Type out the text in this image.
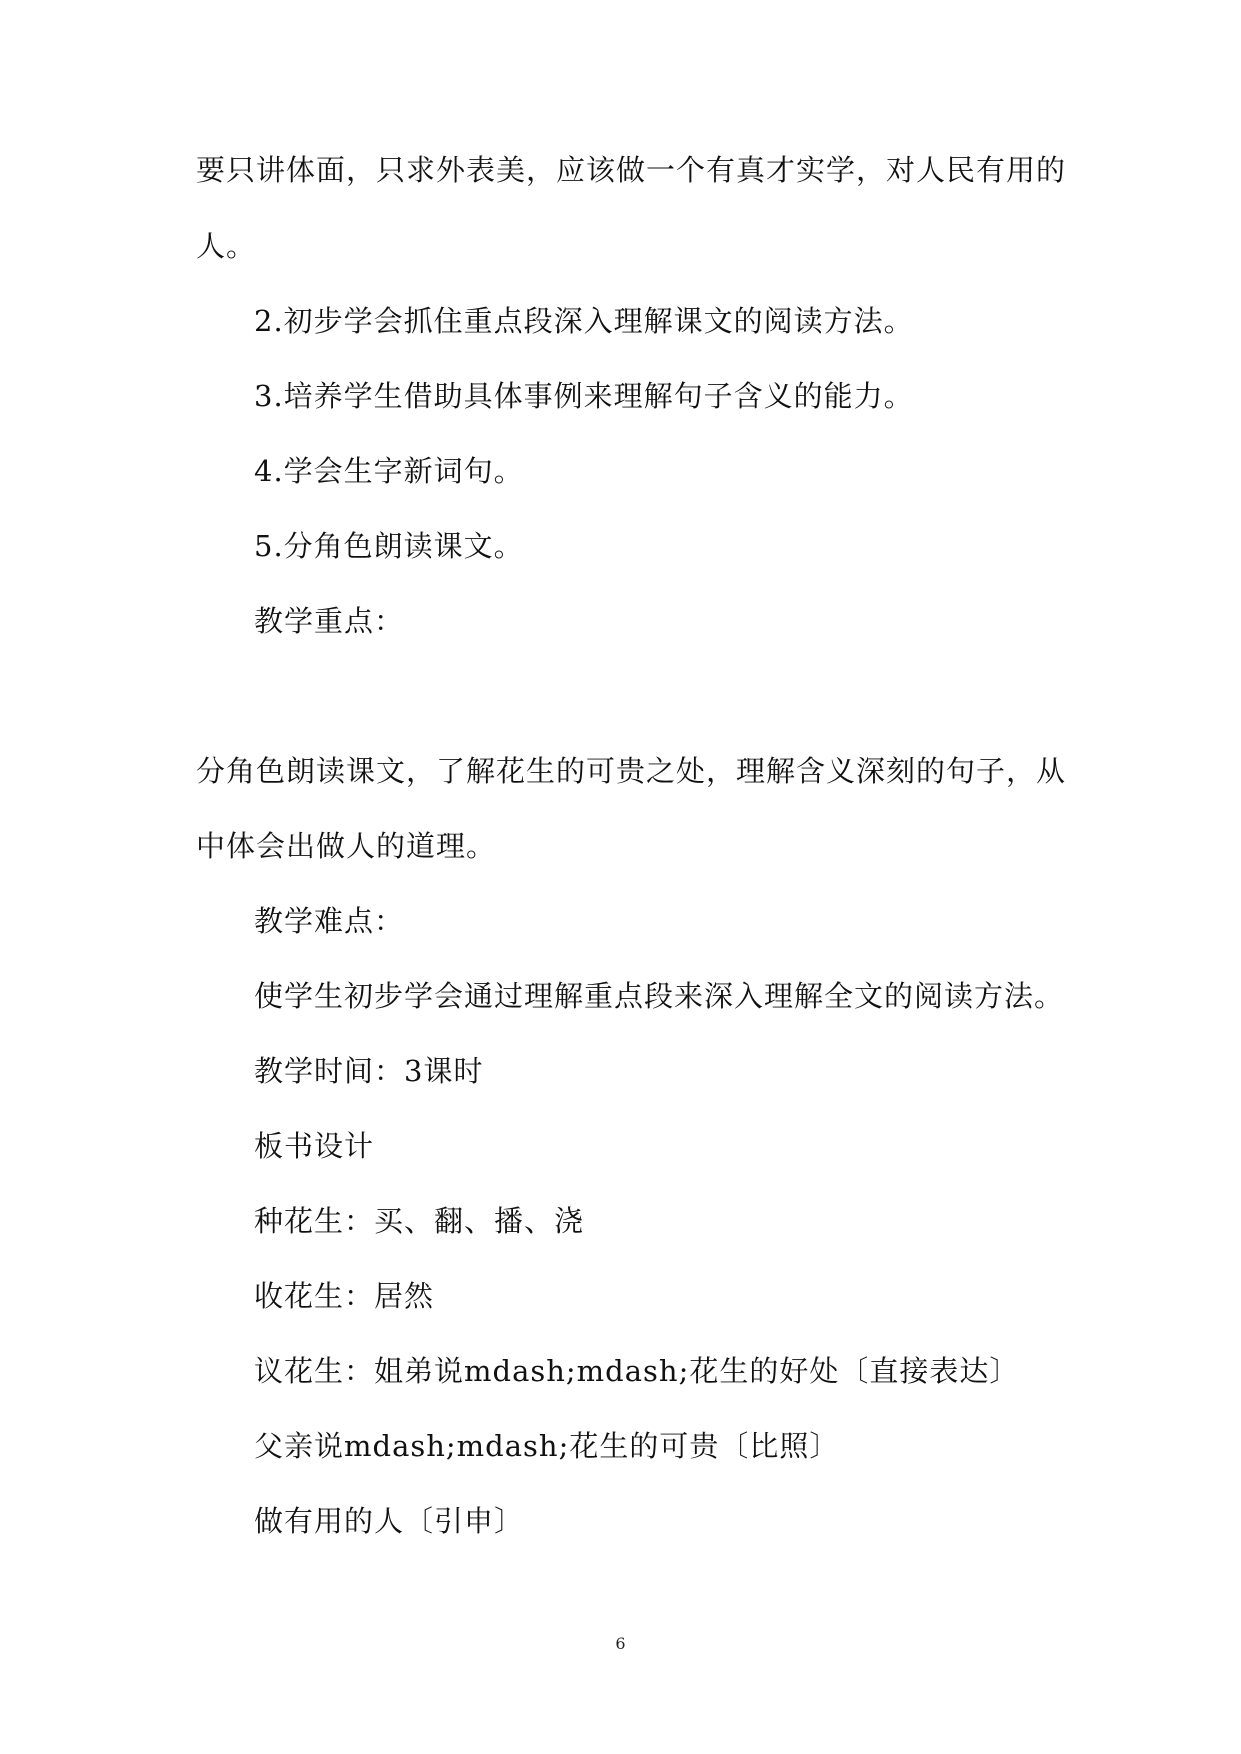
要只讲体面，只求外表美，应该做一个有真才实学，对人民有用的
人。
2.初步学会抓住重点段深入理解课文的阅读方法。
3.培养学生借助具体事例来理解句子含义的能力。
4.学会生字新词句。
5.分角色朗读课文。
教学重点：
分角色朗读课文，了解花生的可贵之处，理解含义深刻的句子，从
中体会出做人的道理。
教学难点：
使学生初步学会通过理解重点段来深入理解全文的阅读方法。
教学时间：3课时
板书设计
种花生：买、翻、播、浇
收花生：居然
议花生：姐弟说mdash;mdash;花生的好处〔直接表达〕
父亲说mdash;mdash;花生的可贵〔比照〕
做有用的人〔引申〕
6
